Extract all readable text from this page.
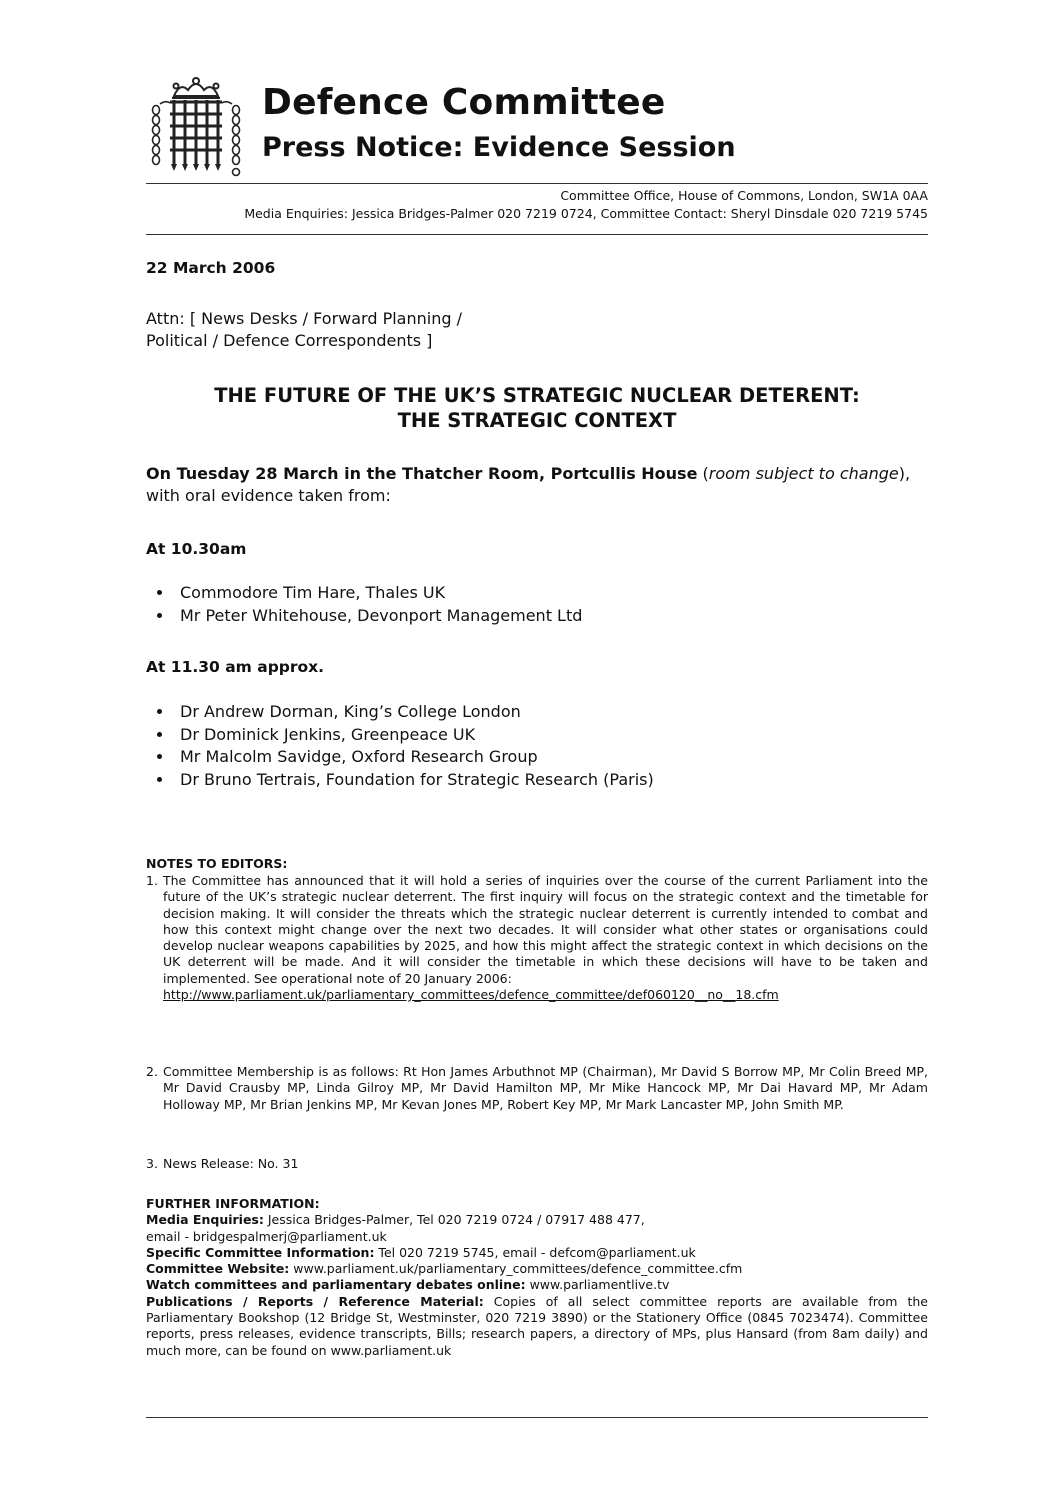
Defence Committee
Press Notice: Evidence Session
Committee Office, House of Commons, London, SW1A 0AA
Media Enquiries: Jessica Bridges-Palmer 020 7219 0724, Committee Contact: Sheryl Dinsdale 020 7219 5745
22 March 2006
Attn: [ News Desks / Forward Planning /
Political / Defence Correspondents ]
THE FUTURE OF THE UK’S STRATEGIC NUCLEAR DETERENT:
THE STRATEGIC CONTEXT
On Tuesday 28 March in the Thatcher Room, Portcullis House (room subject to change), with oral evidence taken from:
At 10.30am
• Commodore Tim Hare, Thales UK
• Mr Peter Whitehouse, Devonport Management Ltd
At 11.30 am approx.
• Dr Andrew Dorman, King’s College London
• Dr Dominick Jenkins, Greenpeace UK
• Mr Malcolm Savidge, Oxford Research Group
• Dr Bruno Tertrais, Foundation for Strategic Research (Paris)
NOTES TO EDITORS:
1. The Committee has announced that it will hold a series of inquiries over the course of the current Parliament into the future of the UK’s strategic nuclear deterrent. The first inquiry will focus on the strategic context and the timetable for decision making. It will consider the threats which the strategic nuclear deterrent is currently intended to combat and how this context might change over the next two decades. It will consider what other states or organisations could develop nuclear weapons capabilities by 2025, and how this might affect the strategic context in which decisions on the UK deterrent will be made. And it will consider the timetable in which these decisions will have to be taken and implemented. See operational note of 20 January 2006:
http://www.parliament.uk/parliamentary_committees/defence_committee/def060120__no__18.cfm
2. Committee Membership is as follows: Rt Hon James Arbuthnot MP (Chairman), Mr David S Borrow MP, Mr Colin Breed MP, Mr David Crausby MP, Linda Gilroy MP, Mr David Hamilton MP, Mr Mike Hancock MP, Mr Dai Havard MP, Mr Adam Holloway MP, Mr Brian Jenkins MP, Mr Kevan Jones MP, Robert Key MP, Mr Mark Lancaster MP, John Smith MP.
3. News Release: No. 31
FURTHER INFORMATION:
Media Enquiries: Jessica Bridges-Palmer, Tel 020 7219 0724 / 07917 488 477,
email - bridgespalmerj@parliament.uk
Specific Committee Information: Tel 020 7219 5745, email - defcom@parliament.uk
Committee Website: www.parliament.uk/parliamentary_committees/defence_committee.cfm
Watch committees and parliamentary debates online: www.parliamentlive.tv
Publications / Reports / Reference Material: Copies of all select committee reports are available from the Parliamentary Bookshop (12 Bridge St, Westminster, 020 7219 3890) or the Stationery Office (0845 7023474). Committee reports, press releases, evidence transcripts, Bills; research papers, a directory of MPs, plus Hansard (from 8am daily) and much more, can be found on www.parliament.uk
